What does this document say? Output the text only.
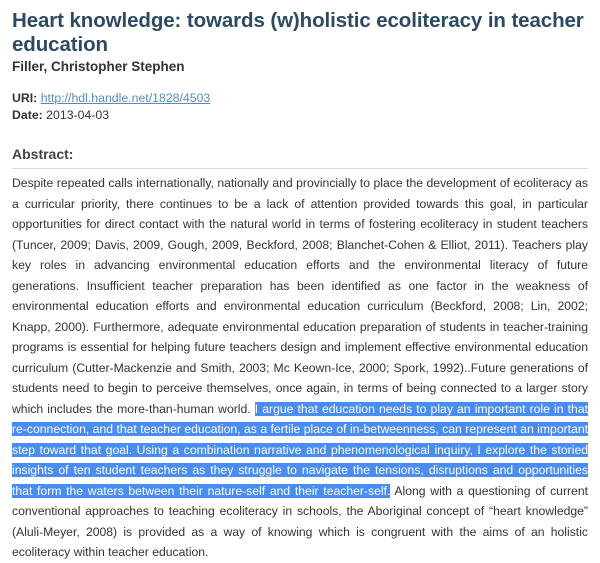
Heart knowledge: towards (w)holistic ecoliteracy in teacher education
Filler, Christopher Stephen
URI: http://hdl.handle.net/1828/4503
Date: 2013-04-03
Abstract:
Despite repeated calls internationally, nationally and provincially to place the development of ecoliteracy as a curricular priority, there continues to be a lack of attention provided towards this goal, in particular opportunities for direct contact with the natural world in terms of fostering ecoliteracy in student teachers (Tuncer, 2009; Davis, 2009, Gough, 2009, Beckford, 2008; Blanchet-Cohen & Elliot, 2011). Teachers play key roles in advancing environmental education efforts and the environmental literacy of future generations. Insufficient teacher preparation has been identified as one factor in the weakness of environmental education efforts and environmental education curriculum (Beckford, 2008; Lin, 2002; Knapp, 2000). Furthermore, adequate environmental education preparation of students in teacher-training programs is essential for helping future teachers design and implement effective environmental education curriculum (Cutter-Mackenzie and Smith, 2003; Mc Keown-Ice, 2000; Spork, 1992)..Future generations of students need to begin to perceive themselves, once again, in terms of being connected to a larger story which includes the more-than-human world. I argue that education needs to play an important role in that re-connection, and that teacher education, as a fertile place of in-betweenness, can represent an important step toward that goal. Using a combination narrative and phenomenological inquiry, I explore the storied insights of ten student teachers as they struggle to navigate the tensions, disruptions and opportunities that form the waters between their nature-self and their teacher-self. Along with a questioning of current conventional approaches to teaching ecoliteracy in schools, the Aboriginal concept of “heart knowledge” (Aluli-Meyer, 2008) is provided as a way of knowing which is congruent with the aims of an holistic ecoliteracy within teacher education.
